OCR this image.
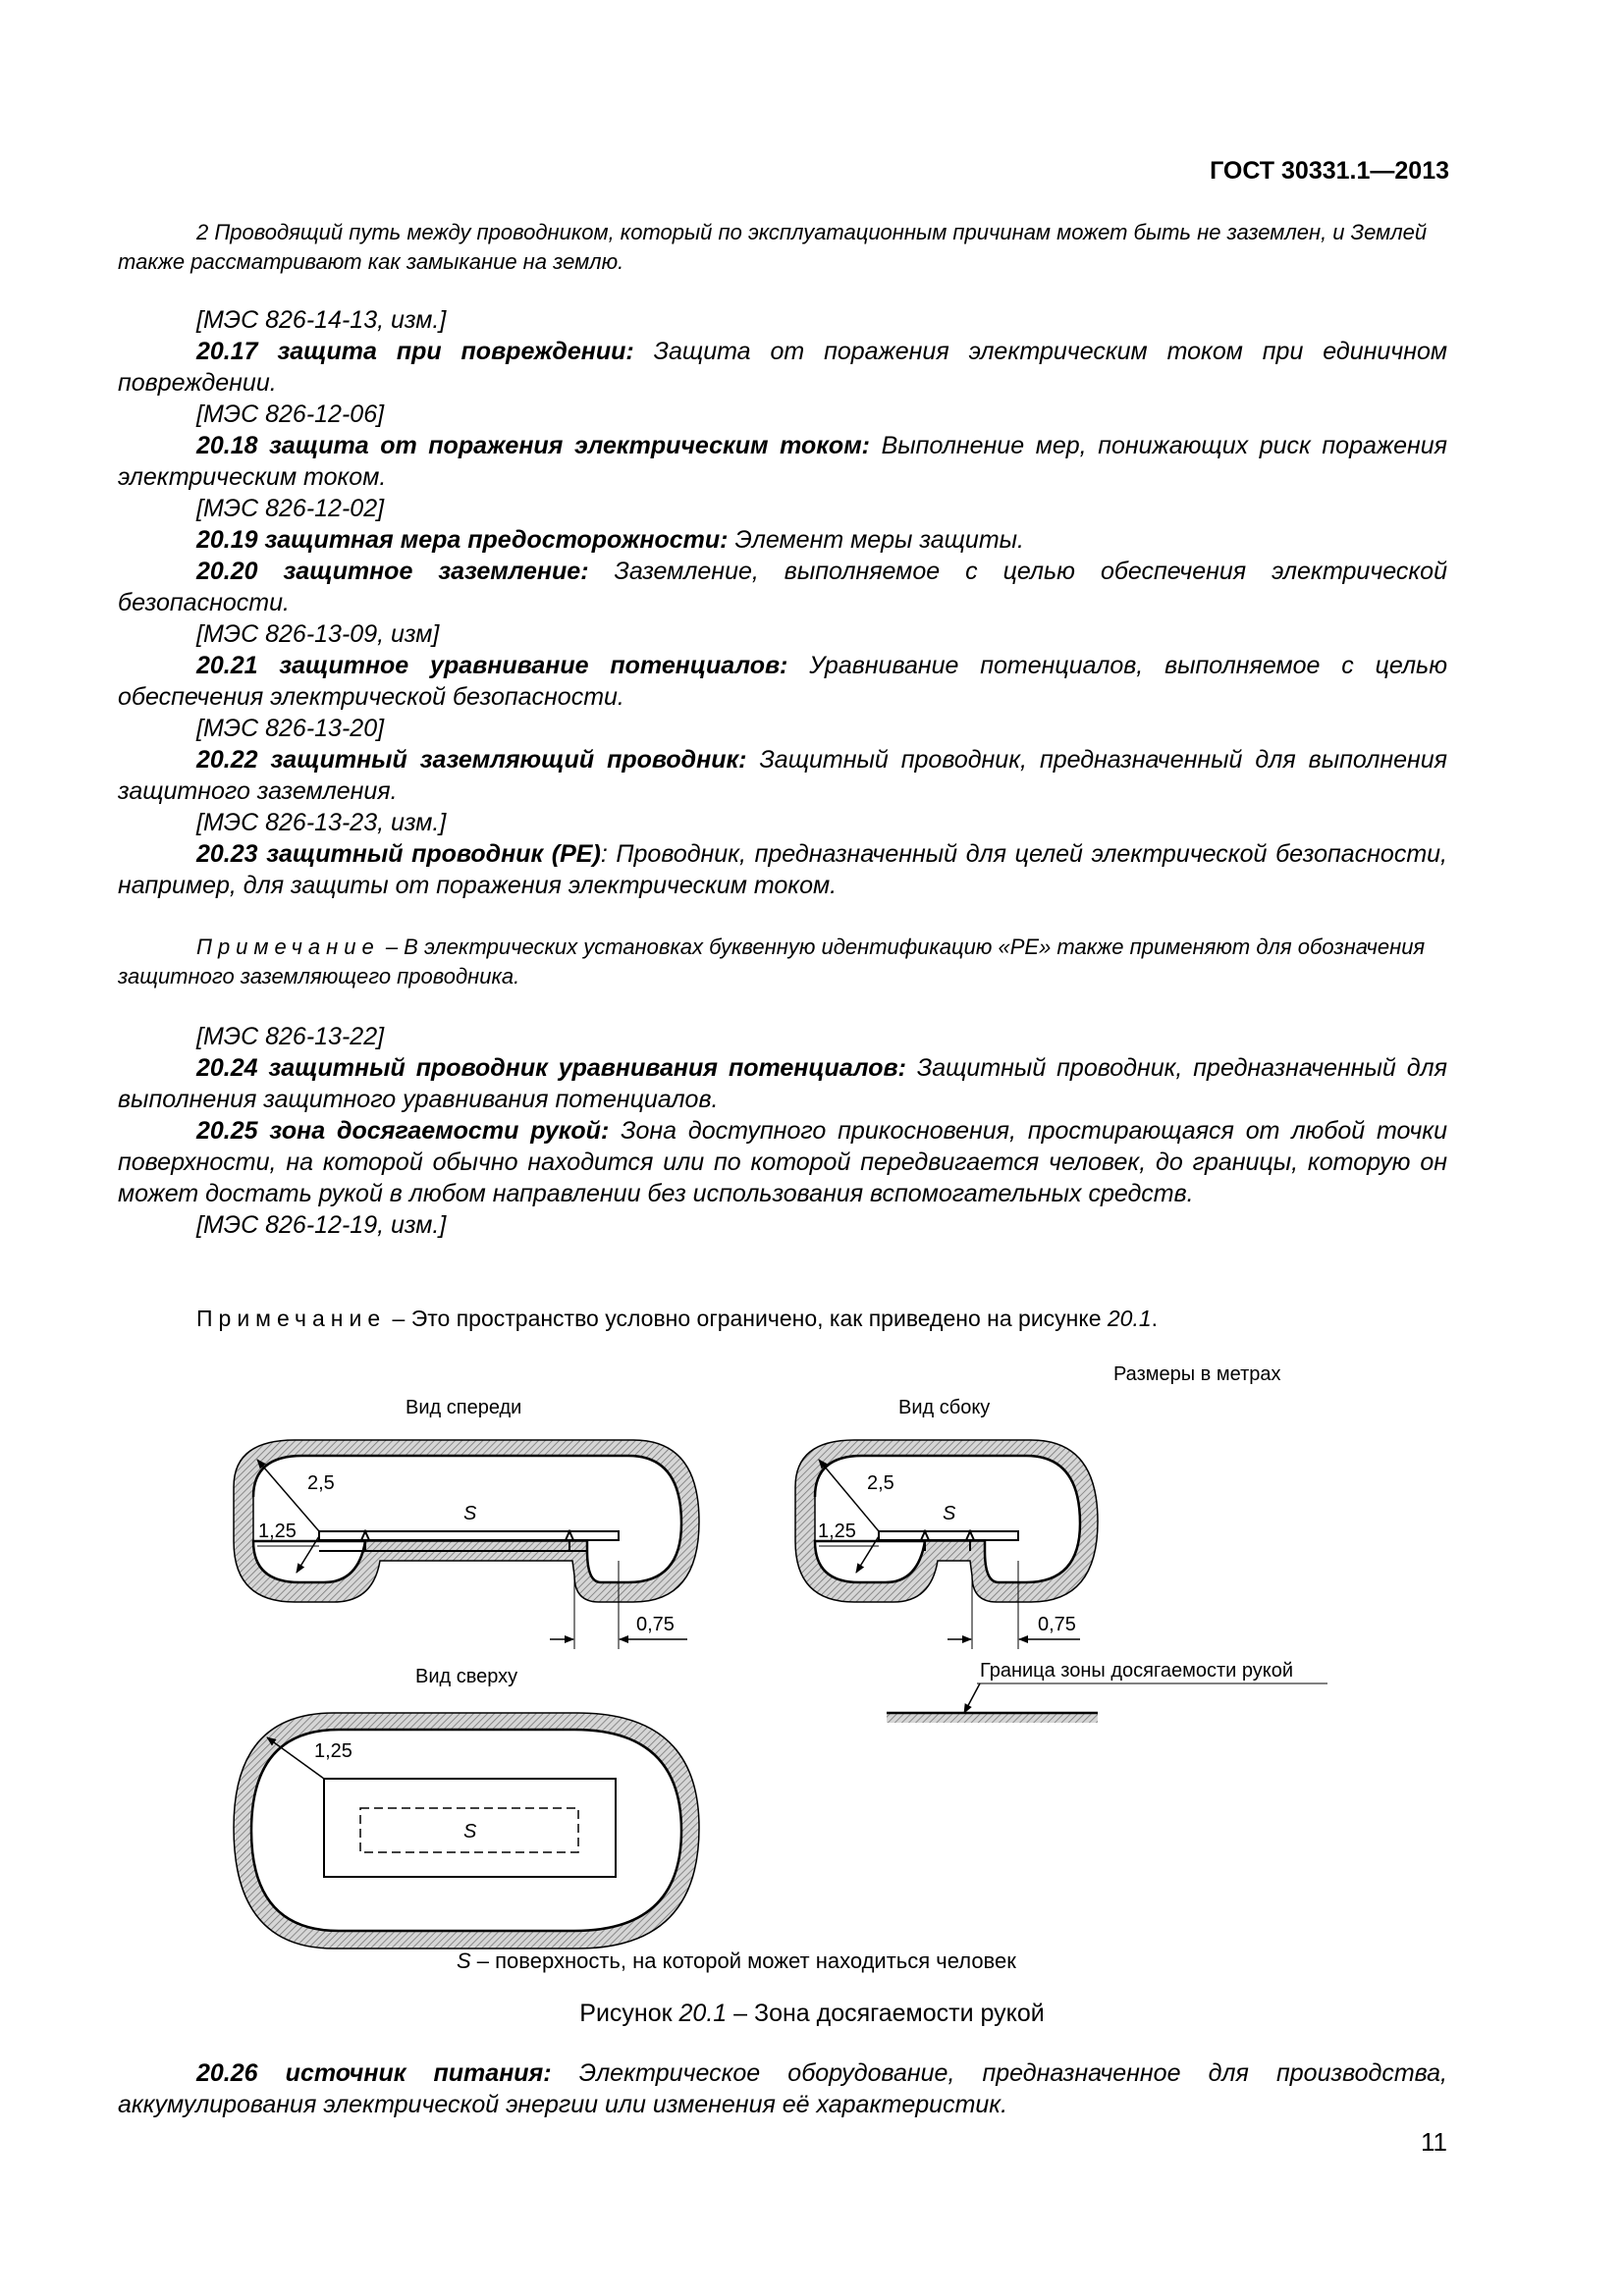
ГОСТ 30331.1—2013
2 Проводящий путь между проводником, который по эксплуатационным причинам может быть не заземлен, и Землей также рассматривают как замыкание на землю.
[МЭС 826-14-13, изм.]
20.17 защита при повреждении: Защита от поражения электрическим током при единичном повреждении.
[МЭС 826-12-06]
20.18 защита от поражения электрическим током: Выполнение мер, понижающих риск поражения электрическим током.
[МЭС 826-12-02]
20.19 защитная мера предосторожности: Элемент меры защиты.
20.20 защитное заземление: Заземление, выполняемое с целью обеспечения электрической безопасности.
[МЭС 826-13-09, изм]
20.21 защитное уравнивание потенциалов: Уравнивание потенциалов, выполняемое с целью обеспечения электрической безопасности.
[МЭС 826-13-20]
20.22 защитный заземляющий проводник: Защитный проводник, предназначенный для выполнения защитного заземления.
[МЭС 826-13-23, изм.]
20.23 защитный проводник (PE): Проводник, предназначенный для целей электрической безопасности, например, для защиты от поражения электрическим током.
Примечание – В электрических установках буквенную идентификацию «PE» также применяют для обозначения защитного заземляющего проводника.
[МЭС 826-13-22]
20.24 защитный проводник уравнивания потенциалов: Защитный проводник, предназначенный для выполнения защитного уравнивания потенциалов.
20.25 зона досягаемости рукой: Зона доступного прикосновения, простирающаяся от любой точки поверхности, на которой обычно находится или по которой передвигается человек, до границы, которую он может достать рукой в любом направлении без использования вспомогательных средств.
[МЭС 826-12-19, изм.]
Примечание – Это пространство условно ограничено, как приведено на рисунке 20.1.
Размеры в метрах
Вид спереди	Вид сбоку
2,5
1,25
S
0,75
2,5
1,25
S
0,75
Граница зоны досягаемости рукой
Вид сверху
1,25
S
S – поверхность, на которой может находиться человек
Рисунок 20.1 – Зона досягаемости рукой
20.26 источник питания: Электрическое оборудование, предназначенное для производства, аккумулирования электрической энергии или изменения её характеристик.
11
